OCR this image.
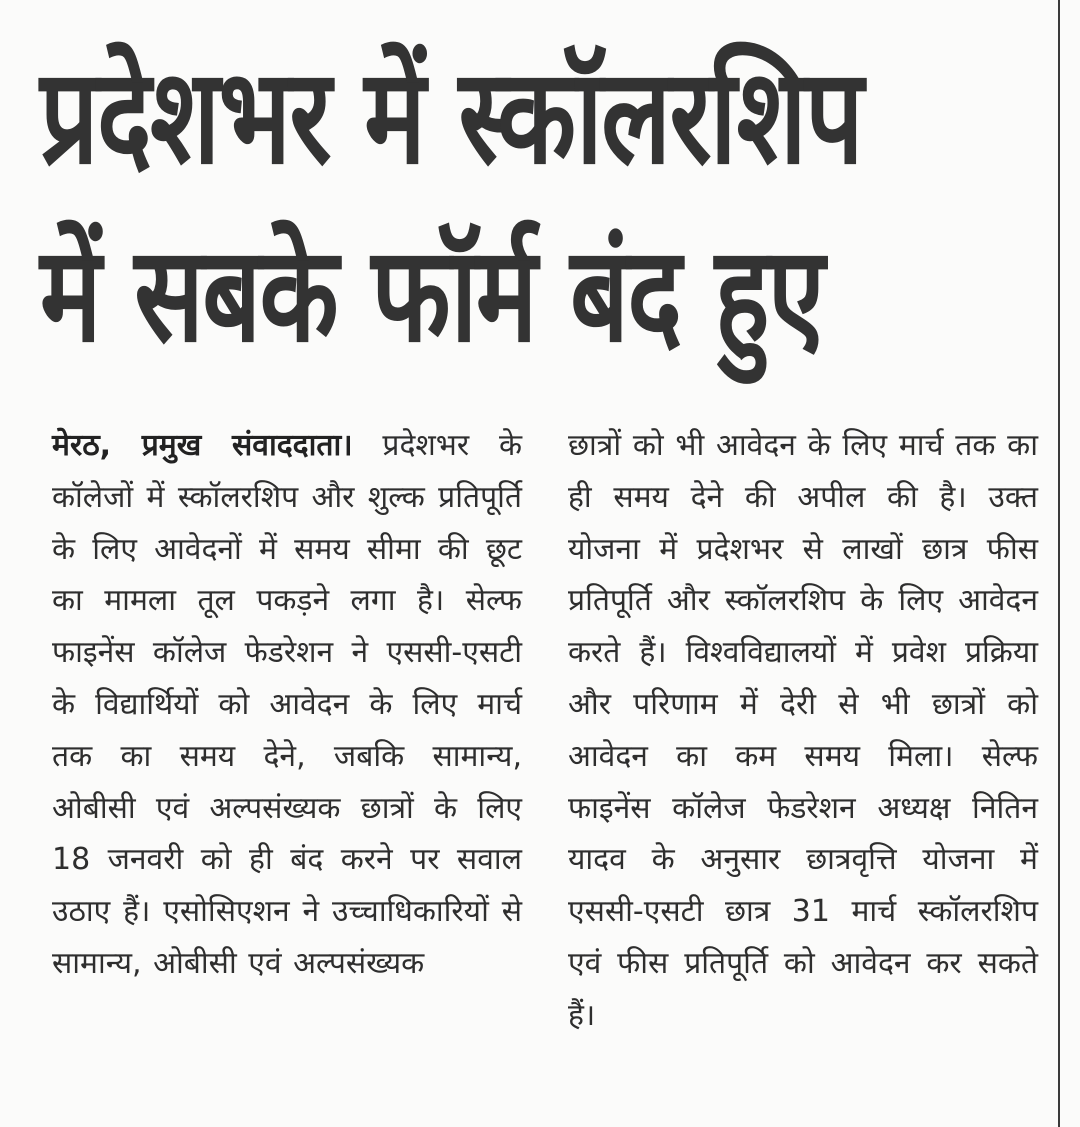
प्रदेशभर में स्कॉलरशिप
में सबके फॉर्म बंद हुए
मेरठ, प्रमुख संवाददाता। प्रदेशभर के कॉलेजों में स्कॉलरशिप और शुल्क प्रतिपूर्ति के लिए आवेदनों में समय सीमा की छूट का मामला तूल पकड़ने लगा है। सेल्फ फाइनेंस कॉलेज फेडरेशन ने एससी-एसटी के विद्यार्थियों को आवेदन के लिए मार्च तक का समय देने, जबकि सामान्य, ओबीसी एवं अल्पसंख्यक छात्रों के लिए 18 जनवरी को ही बंद करने पर सवाल उठाए हैं। एसोसिएशन ने उच्चाधिकारियों से सामान्य, ओबीसी एवं अल्पसंख्यक
छात्रों को भी आवेदन के लिए मार्च तक का ही समय देने की अपील की है। उक्त योजना में प्रदेशभर से लाखों छात्र फीस प्रतिपूर्ति और स्कॉलरशिप के लिए आवेदन करते हैं। विश्वविद्यालयों में प्रवेश प्रक्रिया और परिणाम में देरी से भी छात्रों को आवेदन का कम समय मिला। सेल्फ फाइनेंस कॉलेज फेडरेशन अध्यक्ष नितिन यादव के अनुसार छात्रवृत्ति योजना में एससी-एसटी छात्र 31 मार्च स्कॉलरशिप एवं फीस प्रतिपूर्ति को आवेदन कर सकते हैं।
